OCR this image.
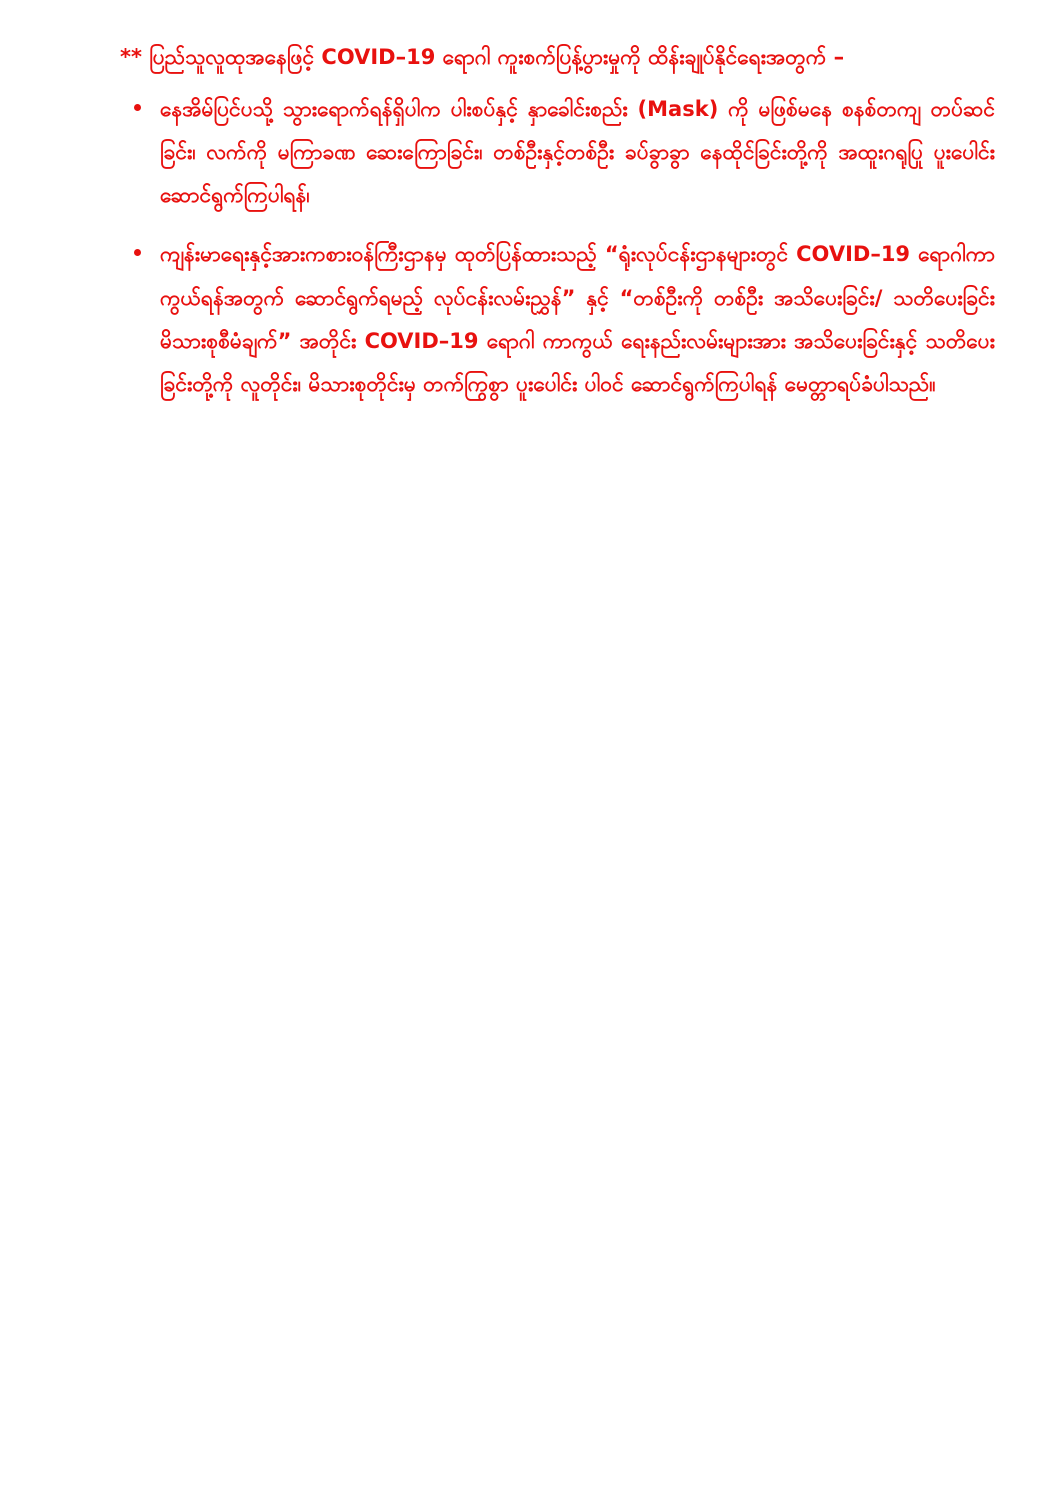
** ပြည်သူလူထုအနေဖြင့် COVID–19 ရောဂါ ကူးစက်ပြန့်ပွားမှုကို ထိန်းချုပ်နိုင်ရေးအတွက် –
နေအိမ်ပြင်ပသို့ သွားရောက်ရန်ရှိပါက ပါးစပ်နှင့် နှာခေါင်းစည်း (Mask) ကို မဖြစ်မနေ စနစ်တကျ တပ်ဆင်ခြင်း၊ လက်ကို မကြာခဏ ဆေးကြောခြင်း၊ တစ်ဦးနှင့်တစ်ဦး ခပ်ခွာခွာ နေထိုင်ခြင်းတို့ကို အထူးဂရုပြု ပူးပေါင်းဆောင်ရွက်ကြပါရန်၊
ကျန်းမာရေးနှင့်အားကစားဝန်ကြီးဌာနမှ ထုတ်ပြန်ထားသည့် “ရုံးလုပ်ငန်းဌာနများတွင် COVID–19 ရောဂါကာကွယ်ရန်အတွက် ဆောင်ရွက်ရမည့် လုပ်ငန်းလမ်းညွှန်” နှင့် “တစ်ဦးကို တစ်ဦး အသိပေးခြင်း/ သတိပေးခြင်း မိသားစုစီမံချက်” အတိုင်း COVID–19 ရောဂါ ကာကွယ် ရေးနည်းလမ်းများအား အသိပေးခြင်းနှင့် သတိပေးခြင်းတို့ကို လူတိုင်း၊ မိသားစုတိုင်းမှ တက်ကြွစွာ ပူးပေါင်း ပါဝင် ဆောင်ရွက်ကြပါရန် မေတ္တာရပ်ခံပါသည်။
